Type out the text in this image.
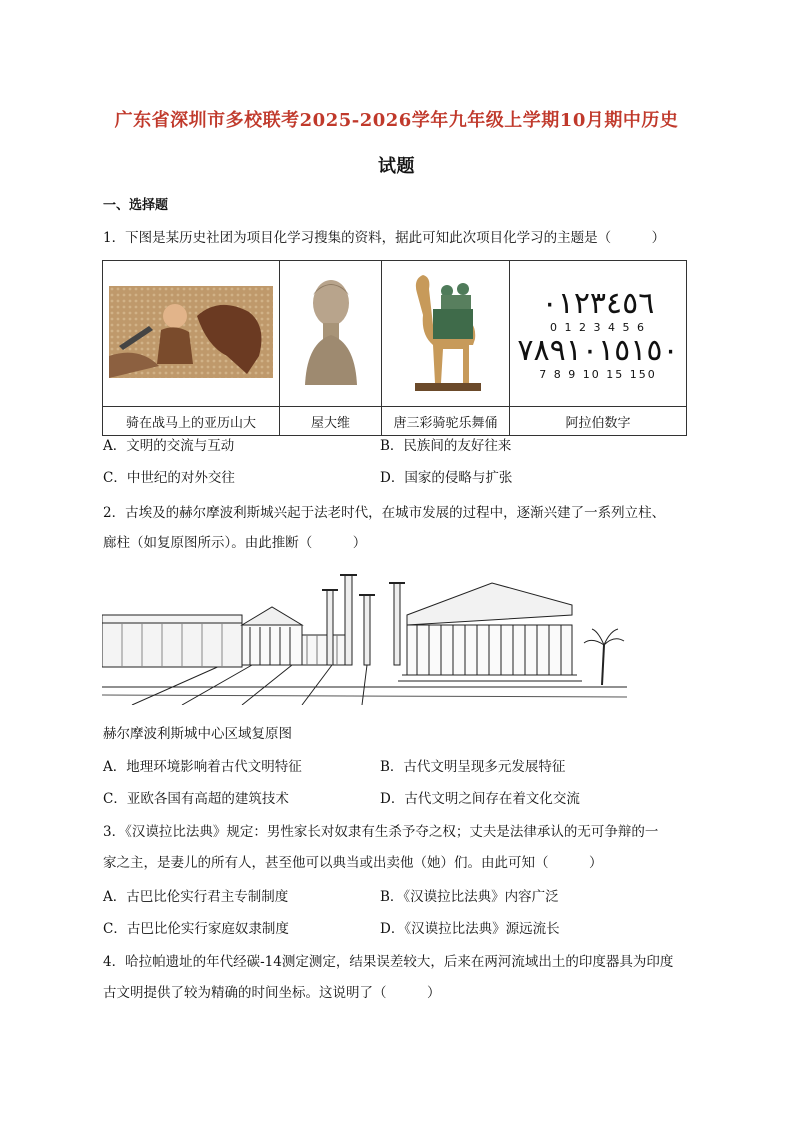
广东省深圳市多校联考2025-2026学年九年级上学期10月期中历史
试题
一、选择题
1．下图是某历史社团为项目化学习搜集的资料，据此可知此次项目化学习的主题是（　　　）

٠١٢٣٤٥٦
0 1 2 3 4 5 6
٧٨٩١٠١٥١٥٠
7 8 9 10 15 150

骑在战马上的亚历山大	屋大维	唐三彩骑驼乐舞俑	阿拉伯数字
A．文明的交流与互动	B．民族间的友好往来
C．中世纪的对外交往	D．国家的侵略与扩张
2．古埃及的赫尔摩波利斯城兴起于法老时代，在城市发展的过程中，逐渐兴建了一系列立柱、
廊柱（如复原图所示）。由此推断（　　　）
赫尔摩波利斯城中心区域复原图
A．地理环境影响着古代文明特征	B．古代文明呈现多元发展特征
C．亚欧各国有高超的建筑技术	D．古代文明之间存在着文化交流
3．《汉谟拉比法典》规定：男性家长对奴隶有生杀予夺之权；丈夫是法律承认的无可争辩的一
家之主，是妻儿的所有人，甚至他可以典当或出卖他（她）们。由此可知（　　　）
A．古巴比伦实行君主专制制度	B．《汉谟拉比法典》内容广泛
C．古巴比伦实行家庭奴隶制度	D．《汉谟拉比法典》源远流长
4．哈拉帕遗址的年代经碳-14测定测定，结果误差较大，后来在两河流域出土的印度器具为印度
古文明提供了较为精确的时间坐标。这说明了（　　　）
